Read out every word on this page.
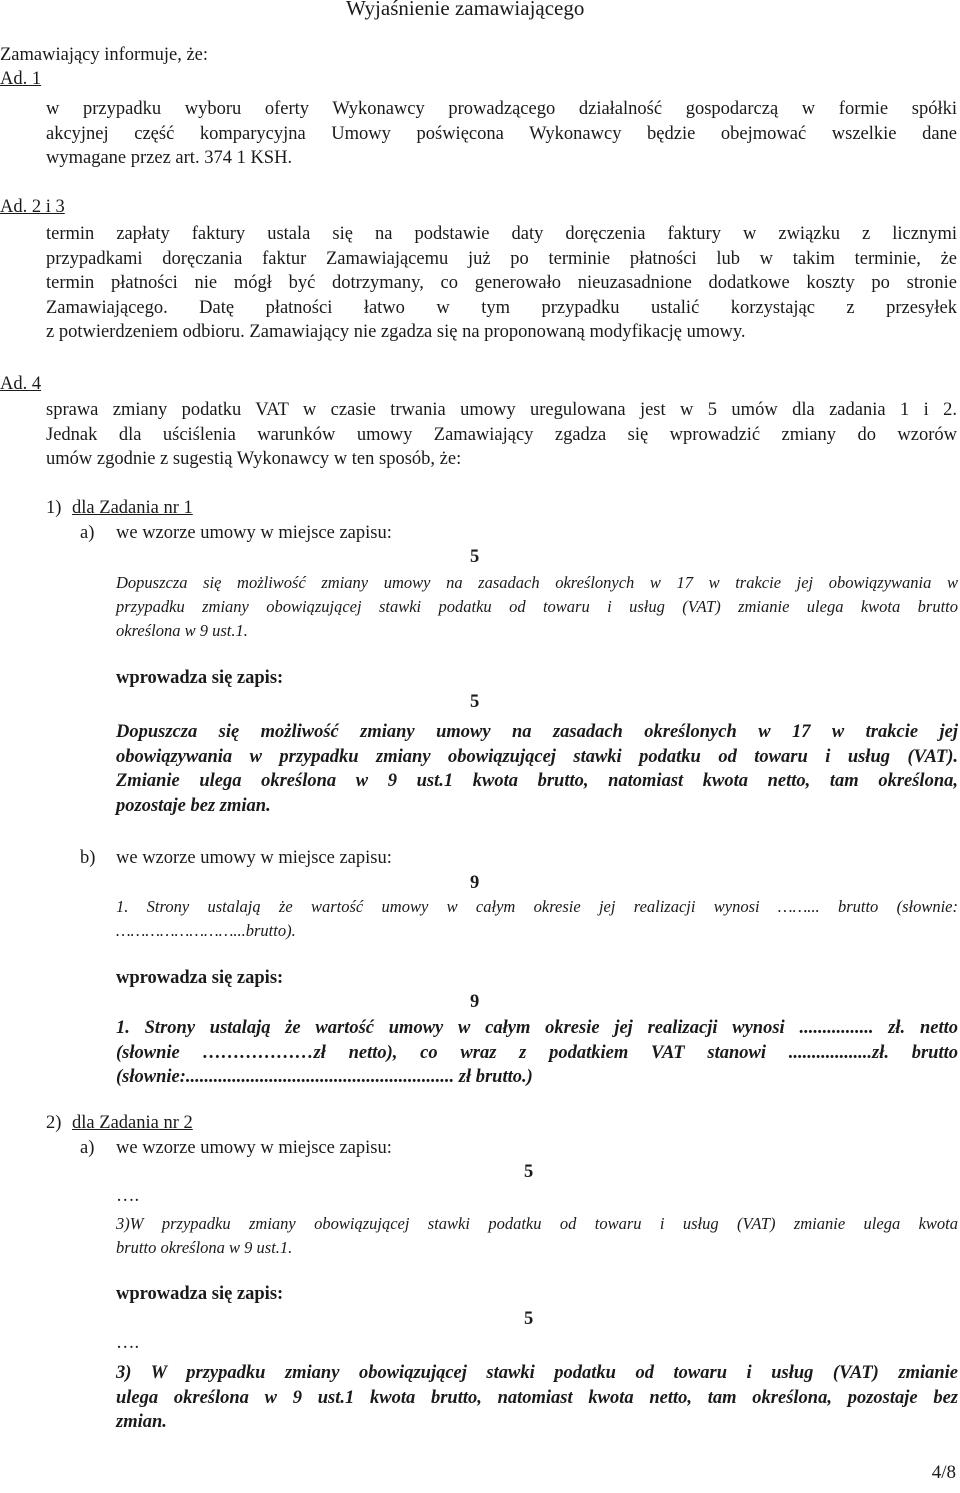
Wyjaśnienie zamawiającego
Zamawiający informuje, że:
Ad. 1
w przypadku wyboru oferty Wykonawcy prowadzącego działalność gospodarczą w formie spółki
akcyjnej część komparycyjna Umowy poświęcona Wykonawcy będzie obejmować wszelkie dane
wymagane przez art. 374 1 KSH.
Ad. 2 i 3
termin zapłaty faktury ustala się na podstawie daty doręczenia faktury w związku z licznymi
przypadkami doręczania faktur Zamawiającemu już po terminie płatności lub w takim terminie, że
termin płatności nie mógł być dotrzymany, co generowało nieuzasadnione dodatkowe koszty po stronie
Zamawiającego. Datę płatności łatwo w tym przypadku ustalić korzystając z przesyłek
z potwierdzeniem odbioru. Zamawiający nie zgadza się na proponowaną modyfikację umowy.
Ad. 4
sprawa zmiany podatku VAT w czasie trwania umowy uregulowana jest w 5 umów dla zadania 1 i 2.
Jednak dla uściślenia warunków umowy Zamawiający zgadza się wprowadzić zmiany do wzorów
umów zgodnie z sugestią Wykonawcy w ten sposób, że:
1) dla Zadania nr 1
a) we wzorze umowy w miejsce zapisu:
5
Dopuszcza się możliwość zmiany umowy na zasadach określonych w 17 w trakcie jej obowiązywania w
przypadku zmiany obowiązującej stawki podatku od towaru i usług (VAT) zmianie ulega kwota brutto
określona w 9 ust.1.
wprowadza się zapis:
5
Dopuszcza się możliwość zmiany umowy na zasadach określonych w 17 w trakcie jej
obowiązywania w przypadku zmiany obowiązującej stawki podatku od towaru i usług (VAT).
Zmianie ulega określona w 9 ust.1 kwota brutto, natomiast kwota netto, tam określona,
pozostaje bez zmian.
b) we wzorze umowy w miejsce zapisu:
9
1. Strony ustalają że wartość umowy w całym okresie jej realizacji wynosi ……... brutto (słownie:
……………………...brutto).
wprowadza się zapis:
9
1. Strony ustalają że wartość umowy w całym okresie jej realizacji wynosi ................ zł. netto
(słownie ………………zł netto), co wraz z podatkiem VAT stanowi ..................zł. brutto
(słownie:.......................................................... zł brutto.)
2) dla Zadania nr 2
a) we wzorze umowy w miejsce zapisu:
5
….
3)W przypadku zmiany obowiązującej stawki podatku od towaru i usług (VAT) zmianie ulega kwota
brutto określona w 9 ust.1.
wprowadza się zapis:
5
….
3) W przypadku zmiany obowiązującej stawki podatku od towaru i usług (VAT) zmianie
ulega określona w 9 ust.1 kwota brutto, natomiast kwota netto, tam określona, pozostaje bez
zmian.
4/8
